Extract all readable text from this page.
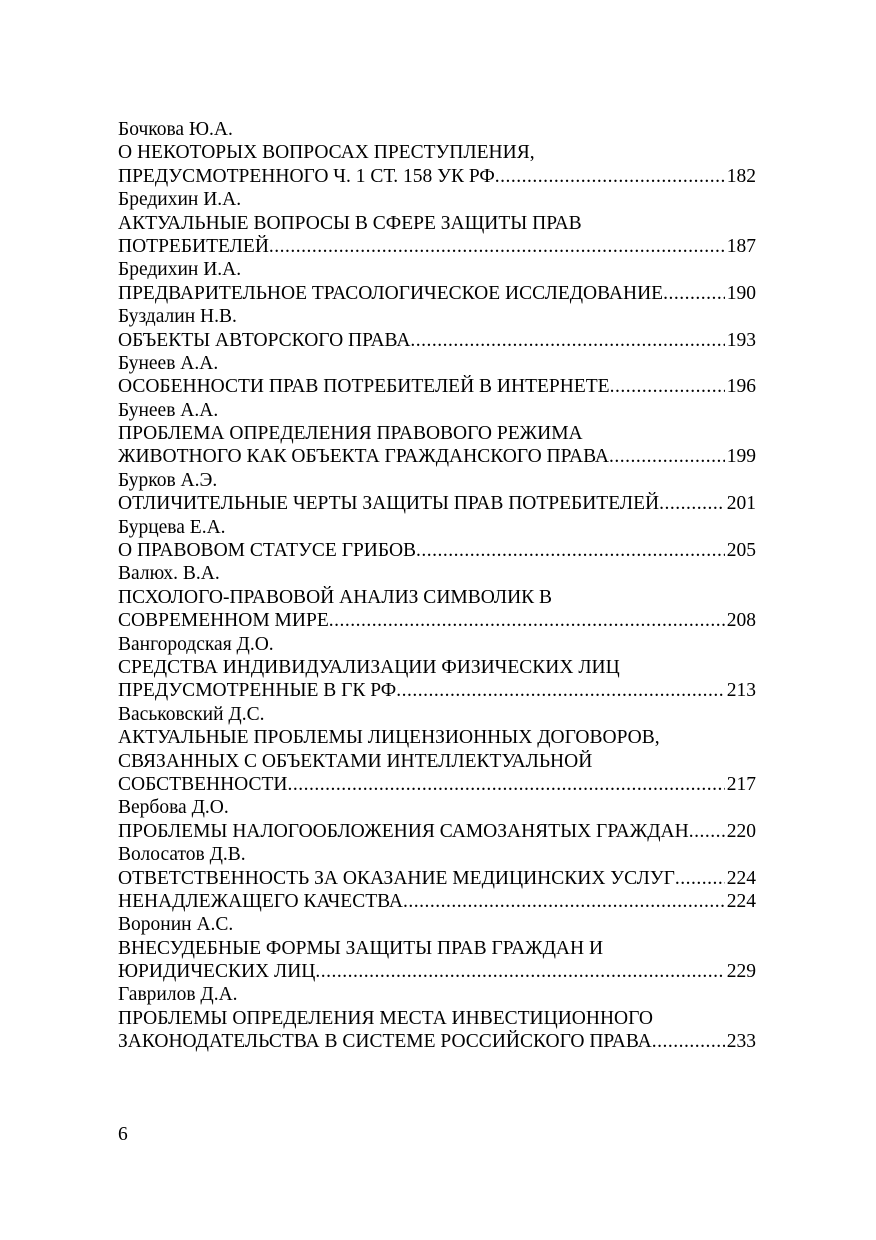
Бочкова Ю.А.
О НЕКОТОРЫХ ВОПРОСАХ ПРЕСТУПЛЕНИЯ,
ПРЕДУСМОТРЕННОГО Ч. 1 СТ. 158 УК РФ .....	182
Бредихин И.А.
АКТУАЛЬНЫЕ ВОПРОСЫ В СФЕРЕ ЗАЩИТЫ ПРАВ
ПОТРЕБИТЕЛЕЙ .....	187
Бредихин И.А.
ПРЕДВАРИТЕЛЬНОЕ ТРАСОЛОГИЧЕСКОЕ ИССЛЕДОВАНИЕ .....	190
Буздалин Н.В.
ОБЪЕКТЫ АВТОРСКОГО ПРАВА .....	193
Бунеев А.А.
ОСОБЕННОСТИ ПРАВ ПОТРЕБИТЕЛЕЙ В ИНТЕРНЕТЕ .....	196
Бунеев А.А.
ПРОБЛЕМА ОПРЕДЕЛЕНИЯ ПРАВОВОГО РЕЖИМА
ЖИВОТНОГО КАК ОБЪЕКТА ГРАЖДАНСКОГО ПРАВА .....	199
Бурков А.Э.
ОТЛИЧИТЕЛЬНЫЕ ЧЕРТЫ ЗАЩИТЫ ПРАВ ПОТРЕБИТЕЛЕЙ .....	201
Бурцева Е.А.
О ПРАВОВОМ СТАТУСЕ ГРИБОВ .....	205
Валюх. В.А.
ПСХОЛОГО-ПРАВОВОЙ АНАЛИЗ СИМВОЛИК В
СОВРЕМЕННОМ МИРЕ .....	208
Вангородская Д.О.
СРЕДСТВА ИНДИВИДУАЛИЗАЦИИ ФИЗИЧЕСКИХ ЛИЦ
ПРЕДУСМОТРЕННЫЕ В ГК РФ .....	213
Васьковский Д.С.
АКТУАЛЬНЫЕ ПРОБЛЕМЫ ЛИЦЕНЗИОННЫХ ДОГОВОРОВ,
СВЯЗАННЫХ С ОБЪЕКТАМИ ИНТЕЛЛЕКТУАЛЬНОЙ
СОБСТВЕННОСТИ .....	217
Вербова Д.О.
ПРОБЛЕМЫ НАЛОГООБЛОЖЕНИЯ САМОЗАНЯТЫХ ГРАЖДАН ..... 220
Волосатов Д.В.
ОТВЕТСТВЕННОСТЬ ЗА ОКАЗАНИЕ МЕДИЦИНСКИХ УСЛУГ .....	224
НЕНАДЛЕЖАЩЕГО КАЧЕСТВА .....	224
Воронин А.С.
ВНЕСУДЕБНЫЕ ФОРМЫ ЗАЩИТЫ ПРАВ ГРАЖДАН И
ЮРИДИЧЕСКИХ ЛИЦ .....	229
Гаврилов Д.А.
ПРОБЛЕМЫ ОПРЕДЕЛЕНИЯ МЕСТА ИНВЕСТИЦИОННОГО
ЗАКОНОДАТЕЛЬСТВА В СИСТЕМЕ РОССИЙСКОГО ПРАВА .....	233
6
